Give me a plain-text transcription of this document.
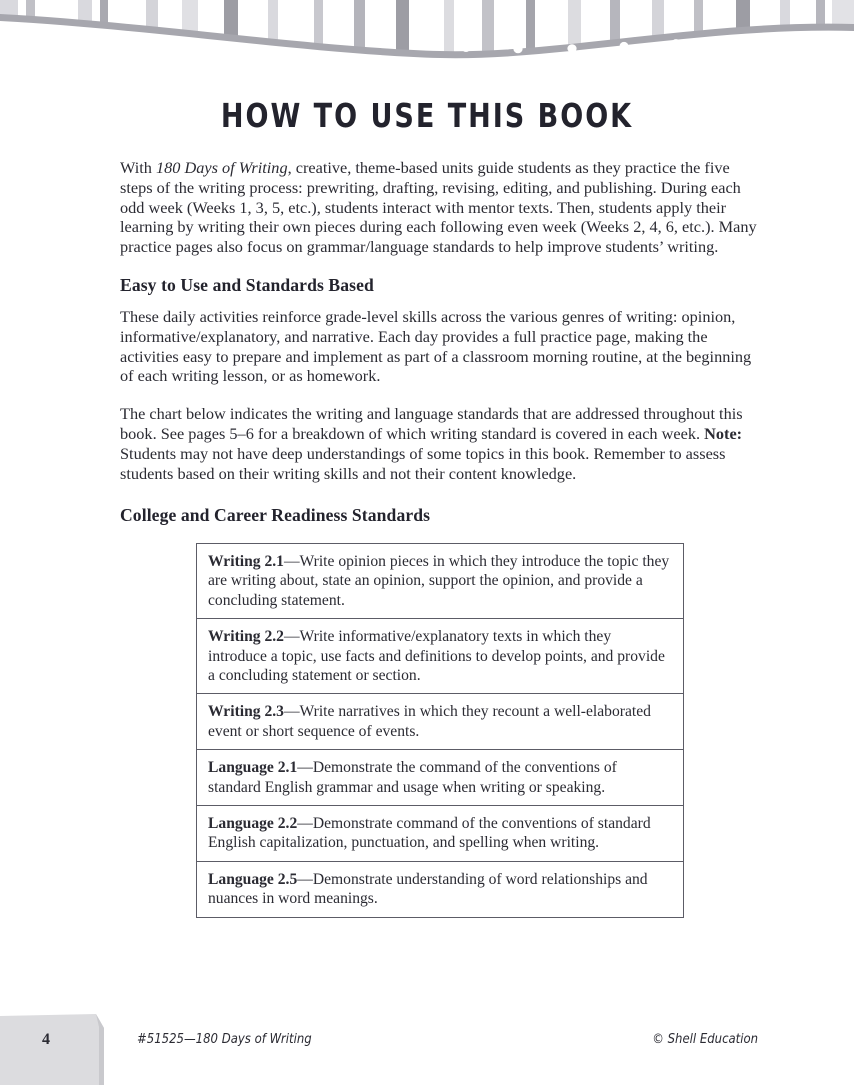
HOW TO USE THIS BOOK

With 180 Days of Writing, creative, theme-based units guide students as they practice the five steps of the writing process: prewriting, drafting, revising, editing, and publishing. During each odd week (Weeks 1, 3, 5, etc.), students interact with mentor texts. Then, students apply their learning by writing their own pieces during each following even week (Weeks 2, 4, 6, etc.). Many practice pages also focus on grammar/language standards to help improve students’ writing.

Easy to Use and Standards Based

These daily activities reinforce grade-level skills across the various genres of writing: opinion, informative/explanatory, and narrative. Each day provides a full practice page, making the activities easy to prepare and implement as part of a classroom morning routine, at the beginning of each writing lesson, or as homework.

The chart below indicates the writing and language standards that are addressed throughout this book. See pages 5–6 for a breakdown of which writing standard is covered in each week. Note: Students may not have deep understandings of some topics in this book. Remember to assess students based on their writing skills and not their content knowledge.

College and Career Readiness Standards
Writing 2.1—Write opinion pieces in which they introduce the topic they are writing about, state an opinion, support the opinion, and provide a concluding statement.
Writing 2.2—Write informative/explanatory texts in which they introduce a topic, use facts and definitions to develop points, and provide a concluding statement or section.
Writing 2.3—Write narratives in which they recount a well-elaborated event or short sequence of events.
Language 2.1—Demonstrate the command of the conventions of standard English grammar and usage when writing or speaking.
Language 2.2—Demonstrate command of the conventions of standard English capitalization, punctuation, and spelling when writing.
Language 2.5—Demonstrate understanding of word relationships and nuances in word meanings.
4	#51525—180 Days of Writing	© Shell Education
